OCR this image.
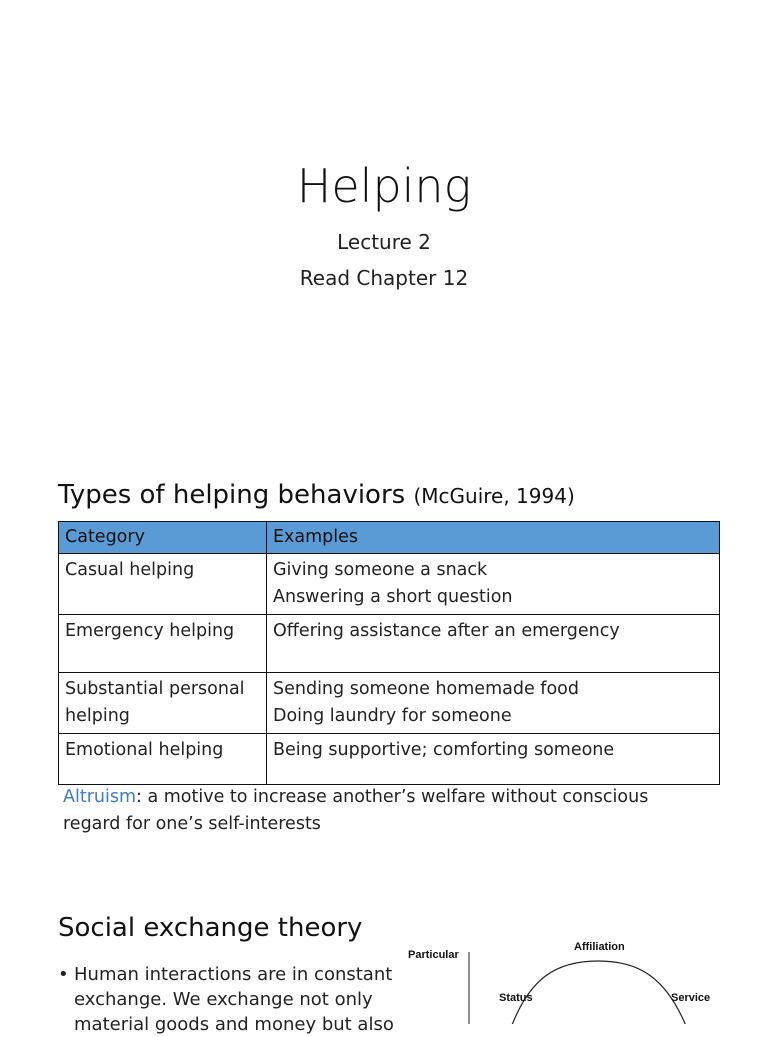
Helping
Lecture 2
Read Chapter 12
Types of helping behaviors (McGuire, 1994)
Category	Examples

Casual helping	Giving someone a snack
Answering a short question

Emergency helping	Offering assistance after an emergency

Substantial personal
helping	Sending someone homemade food
Doing laundry for someone

Emotional helping	Being supportive; comforting someone
Altruism: a motive to increase another’s welfare without conscious regard for one’s self-interests
Social exchange theory
• Human interactions are in constant exchange. We exchange not only material goods and money but also
Particular
Affiliation
Status	Service
